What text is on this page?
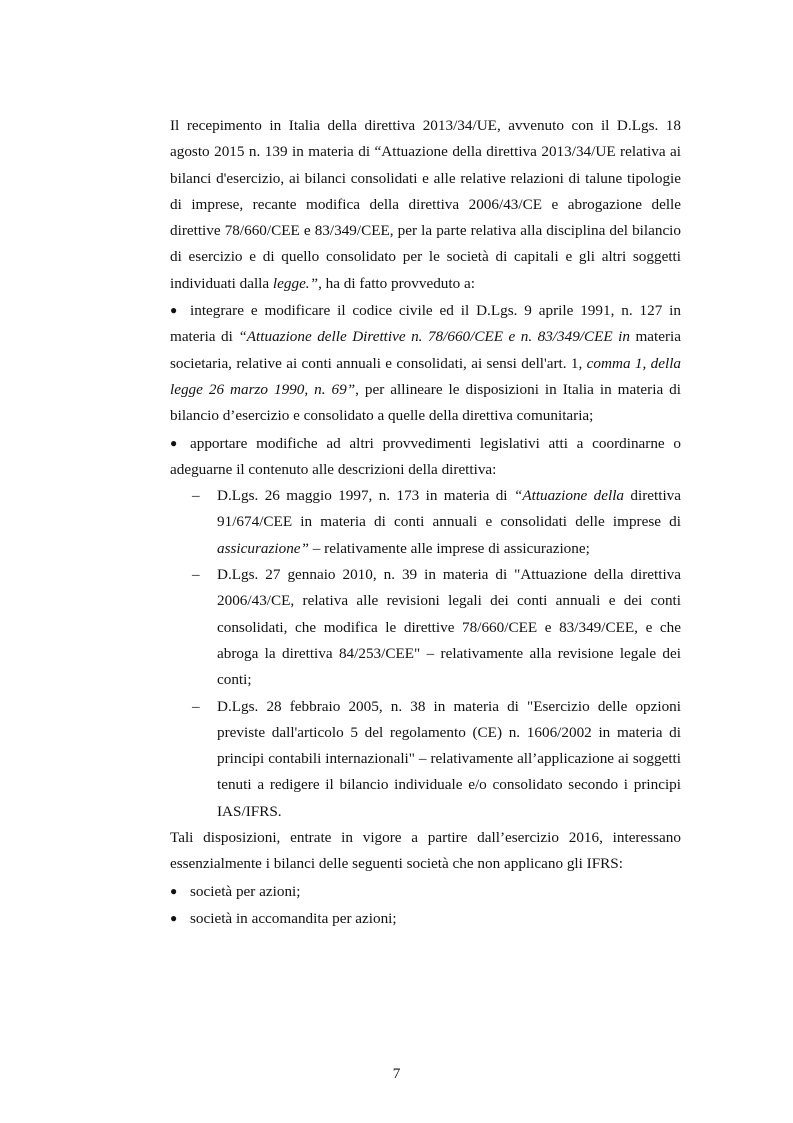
Il recepimento in Italia della direttiva 2013/34/UE, avvenuto con il D.Lgs. 18 agosto 2015 n. 139 in materia di “Attuazione della direttiva 2013/34/UE relativa ai bilanci d'esercizio, ai bilanci consolidati e alle relative relazioni di talune tipologie di imprese, recante modifica della direttiva 2006/43/CE e abrogazione delle direttive 78/660/CEE e 83/349/CEE, per la parte relativa alla disciplina del bilancio di esercizio e di quello consolidato per le società di capitali e gli altri soggetti individuati dalla legge.”, ha di fatto provveduto a:

● integrare e modificare il codice civile ed il D.Lgs. 9 aprile 1991, n. 127 in materia di “Attuazione delle Direttive n. 78/660/CEE e n. 83/349/CEE in materia societaria, relative ai conti annuali e consolidati, ai sensi dell'art. 1, comma 1, della legge 26 marzo 1990, n. 69”, per allineare le disposizioni in Italia in materia di bilancio d’esercizio e consolidato a quelle della direttiva comunitaria;

● apportare modifiche ad altri provvedimenti legislativi atti a coordinarne o adeguarne il contenuto alle descrizioni della direttiva:

– D.Lgs. 26 maggio 1997, n. 173 in materia di “Attuazione della direttiva 91/674/CEE in materia di conti annuali e consolidati delle imprese di assicurazione” – relativamente alle imprese di assicurazione;

– D.Lgs. 27 gennaio 2010, n. 39 in materia di "Attuazione della direttiva 2006/43/CE, relativa alle revisioni legali dei conti annuali e dei conti consolidati, che modifica le direttive 78/660/CEE e 83/349/CEE, e che abroga la direttiva 84/253/CEE" – relativamente alla revisione legale dei conti;

– D.Lgs. 28 febbraio 2005, n. 38 in materia di "Esercizio delle opzioni previste dall'articolo 5 del regolamento (CE) n. 1606/2002 in materia di principi contabili internazionali" – relativamente all’applicazione ai soggetti tenuti a redigere il bilancio individuale e/o consolidato secondo i principi IAS/IFRS.

Tali disposizioni, entrate in vigore a partire dall’esercizio 2016, interessano essenzialmente i bilanci delle seguenti società che non applicano gli IFRS:

● società per azioni;

● società in accomandita per azioni;

7
